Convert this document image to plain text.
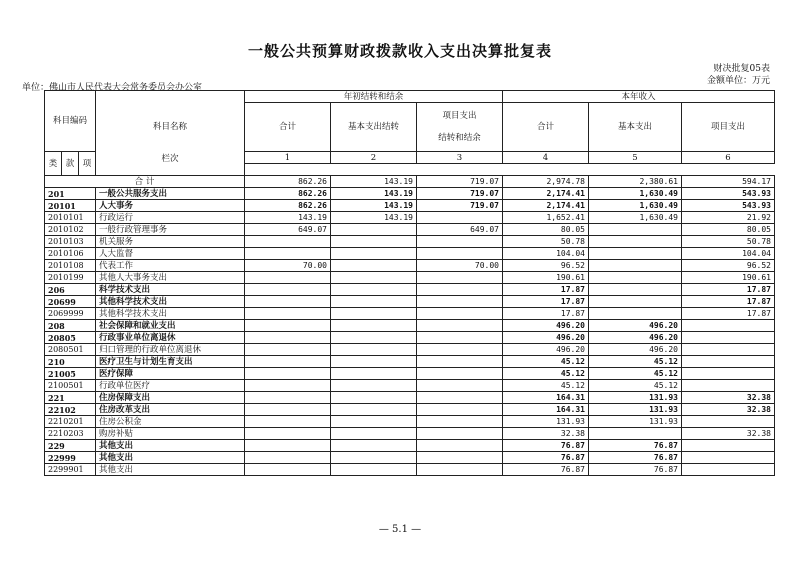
一般公共预算财政拨款收入支出决算批复表
财决批复05表
金额单位：万元
单位：佛山市人民代表大会常务委员会办公室
科目编码			科目名称	年初结转和结余			本年收入		
				合计	基本支出结转	项目支出
结转和结余	合计	基本支出	项目支出

类	款	项		1	2	3	4	5	6
			栏次						
合 计				862.26	143.19	719.07	2,974.78	2,380.61	594.17
201			一般公共服务支出	862.26	143.19	719.07	2,174.41	1,630.49	543.93
20101			人大事务	862.26	143.19	719.07	2,174.41	1,630.49	543.93
2010101			行政运行	143.19	143.19		1,652.41	1,630.49	21.92
2010102			一般行政管理事务	649.07		649.07	80.05		80.05
2010103			机关服务				50.78		50.78
2010106			人大监督				104.04		104.04
2010108			代表工作	70.00		70.00	96.52		96.52
2010199			其他人大事务支出				190.61		190.61
206			科学技术支出				17.87		17.87
20699			其他科学技术支出				17.87		17.87
2069999			其他科学技术支出				17.87		17.87
208			社会保障和就业支出				496.20	496.20	
20805			行政事业单位离退休				496.20	496.20	
2080501			归口管理的行政单位离退休				496.20	496.20	
210			医疗卫生与计划生育支出				45.12	45.12	
21005			医疗保障				45.12	45.12	
2100501			行政单位医疗				45.12	45.12	
221			住房保障支出				164.31	131.93	32.38
22102			住房改革支出				164.31	131.93	32.38
2210201			住房公积金				131.93	131.93	
2210203			购房补贴				32.38		32.38
229			其他支出				76.87	76.87	
22999			其他支出				76.87	76.87	
2299901			其他支出				76.87	76.87	
— 5.1 —
